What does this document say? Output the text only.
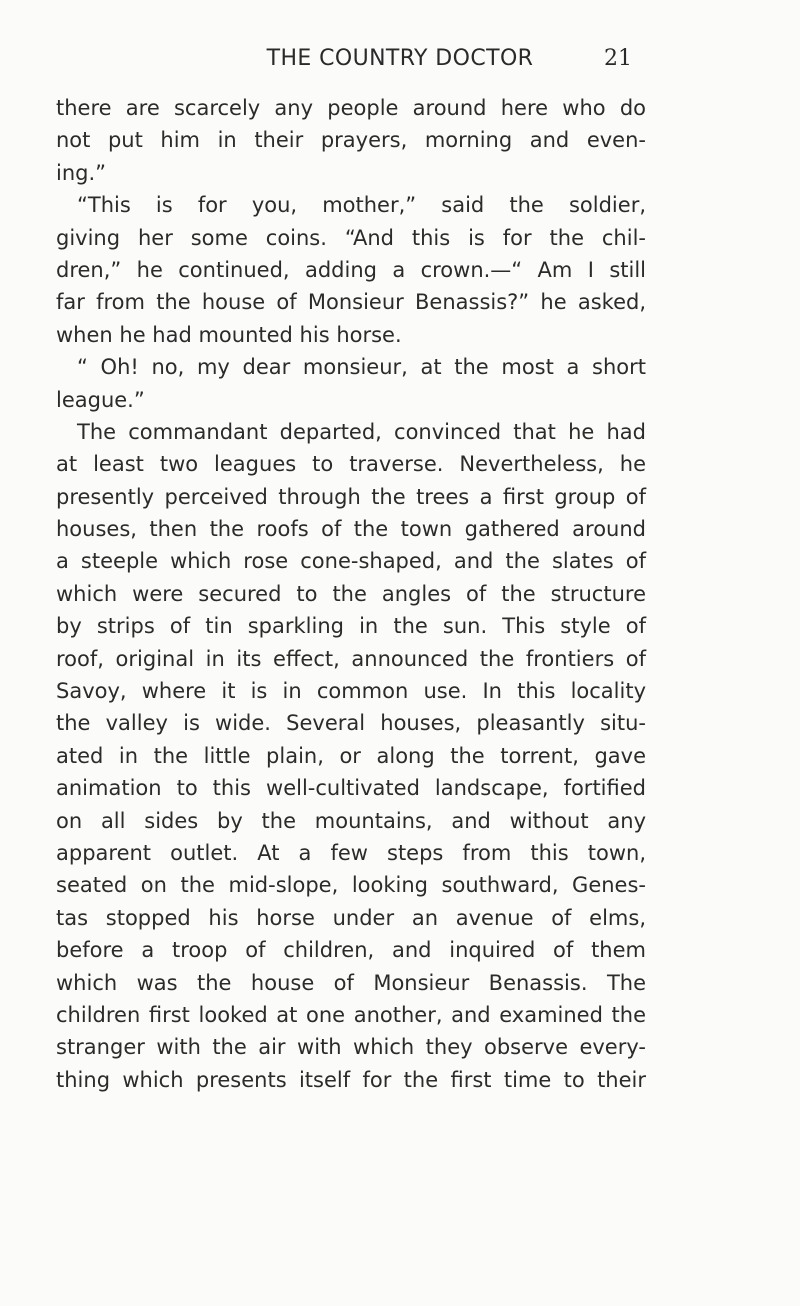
THE COUNTRY DOCTOR	21
there are scarcely any people around here who do
not put him in their prayers, morning and even-
ing.”
“This is for you, mother,” said the soldier,
giving her some coins. “And this is for the chil-
dren,” he continued, adding a crown.—“ Am I still
far from the house of Monsieur Benassis?” he asked,
when he had mounted his horse.
“ Oh! no, my dear monsieur, at the most a short
league.”
The commandant departed, convinced that he had
at least two leagues to traverse. Nevertheless, he
presently perceived through the trees a first group of
houses, then the roofs of the town gathered around
a steeple which rose cone-shaped, and the slates of
which were secured to the angles of the structure
by strips of tin sparkling in the sun. This style of
roof, original in its effect, announced the frontiers of
Savoy, where it is in common use. In this locality
the valley is wide. Several houses, pleasantly situ-
ated in the little plain, or along the torrent, gave
animation to this well-cultivated landscape, fortified
on all sides by the mountains, and without any
apparent outlet. At a few steps from this town,
seated on the mid-slope, looking southward, Genes-
tas stopped his horse under an avenue of elms,
before a troop of children, and inquired of them
which was the house of Monsieur Benassis. The
children first looked at one another, and examined the
stranger with the air with which they observe every-
thing which presents itself for the first time to their
